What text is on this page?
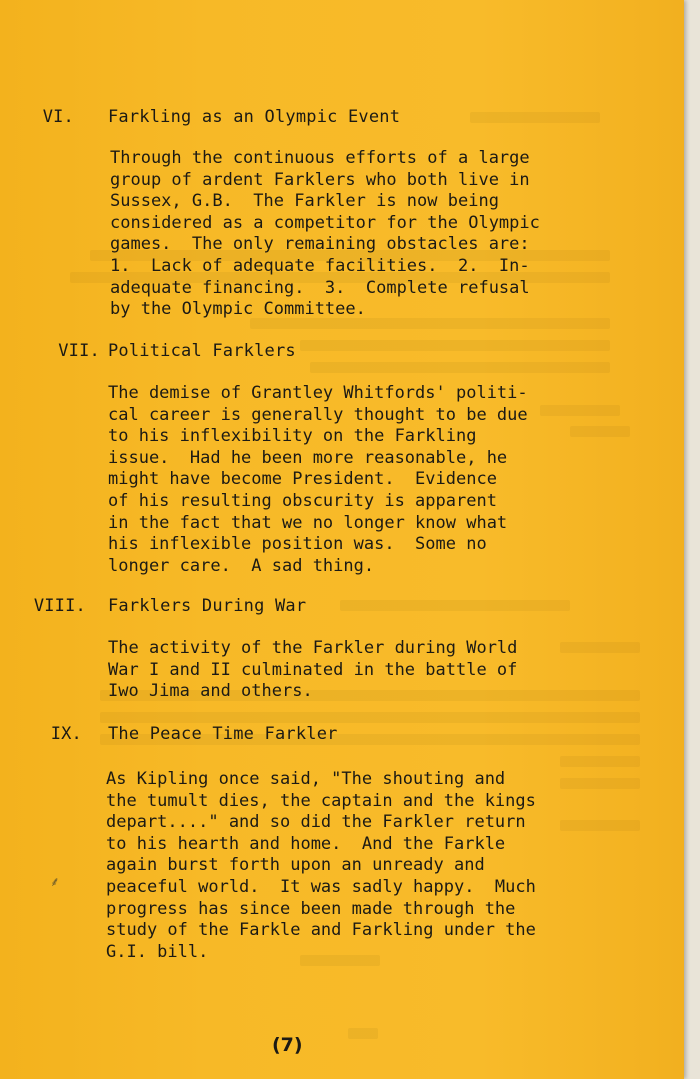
VI. Farkling as an Olympic Event
Through the continuous efforts of a large
group of ardent Farklers who both live in
Sussex, G.B.  The Farkler is now being
considered as a competitor for the Olympic
games.  The only remaining obstacles are:
1.  Lack of adequate facilities.  2.  In-
adequate financing.  3.  Complete refusal
by the Olympic Committee.
VII. Political Farklers
The demise of Grantley Whitfords' politi-
cal career is generally thought to be due
to his inflexibility on the Farkling
issue.  Had he been more reasonable, he
might have become President.  Evidence
of his resulting obscurity is apparent
in the fact that we no longer know what
his inflexible position was.  Some no
longer care.  A sad thing.
VIII. Farklers During War
The activity of the Farkler during World
War I and II culminated in the battle of
Iwo Jima and others.
IX. The Peace Time Farkler
As Kipling once said, "The shouting and
the tumult dies, the captain and the kings
depart...." and so did the Farkler return
to his hearth and home.  And the Farkle
again burst forth upon an unready and
peaceful world.  It was sadly happy.  Much
progress has since been made through the
study of the Farkle and Farkling under the
G.I. bill.
⸙
(7)
